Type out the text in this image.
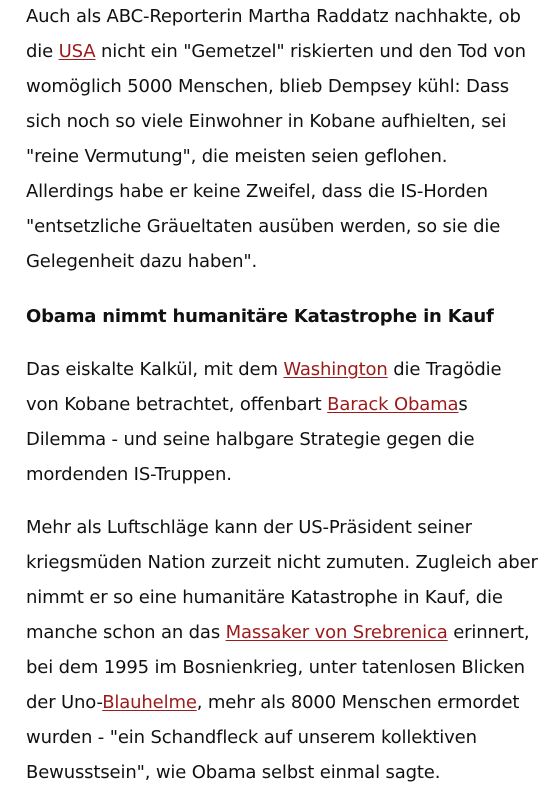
Auch als ABC-Reporterin Martha Raddatz nachhakte, ob
die USA nicht ein "Gemetzel" riskierten und den Tod von
womöglich 5000 Menschen, blieb Dempsey kühl: Dass
sich noch so viele Einwohner in Kobane aufhielten, sei
"reine Vermutung", die meisten seien geflohen.
Allerdings habe er keine Zweifel, dass die IS-Horden
"entsetzliche Gräueltaten ausüben werden, so sie die
Gelegenheit dazu haben".
Obama nimmt humanitäre Katastrophe in Kauf
Das eiskalte Kalkül, mit dem Washington die Tragödie
von Kobane betrachtet, offenbart Barack Obamas
Dilemma - und seine halbgare Strategie gegen die
mordenden IS-Truppen.
Mehr als Luftschläge kann der US-Präsident seiner
kriegsmüden Nation zurzeit nicht zumuten. Zugleich aber
nimmt er so eine humanitäre Katastrophe in Kauf, die
manche schon an das Massaker von Srebrenica erinnert,
bei dem 1995 im Bosnienkrieg, unter tatenlosen Blicken
der Uno-Blauhelme, mehr als 8000 Menschen ermordet
wurden - "ein Schandfleck auf unserem kollektiven
Bewusstsein", wie Obama selbst einmal sagte.
